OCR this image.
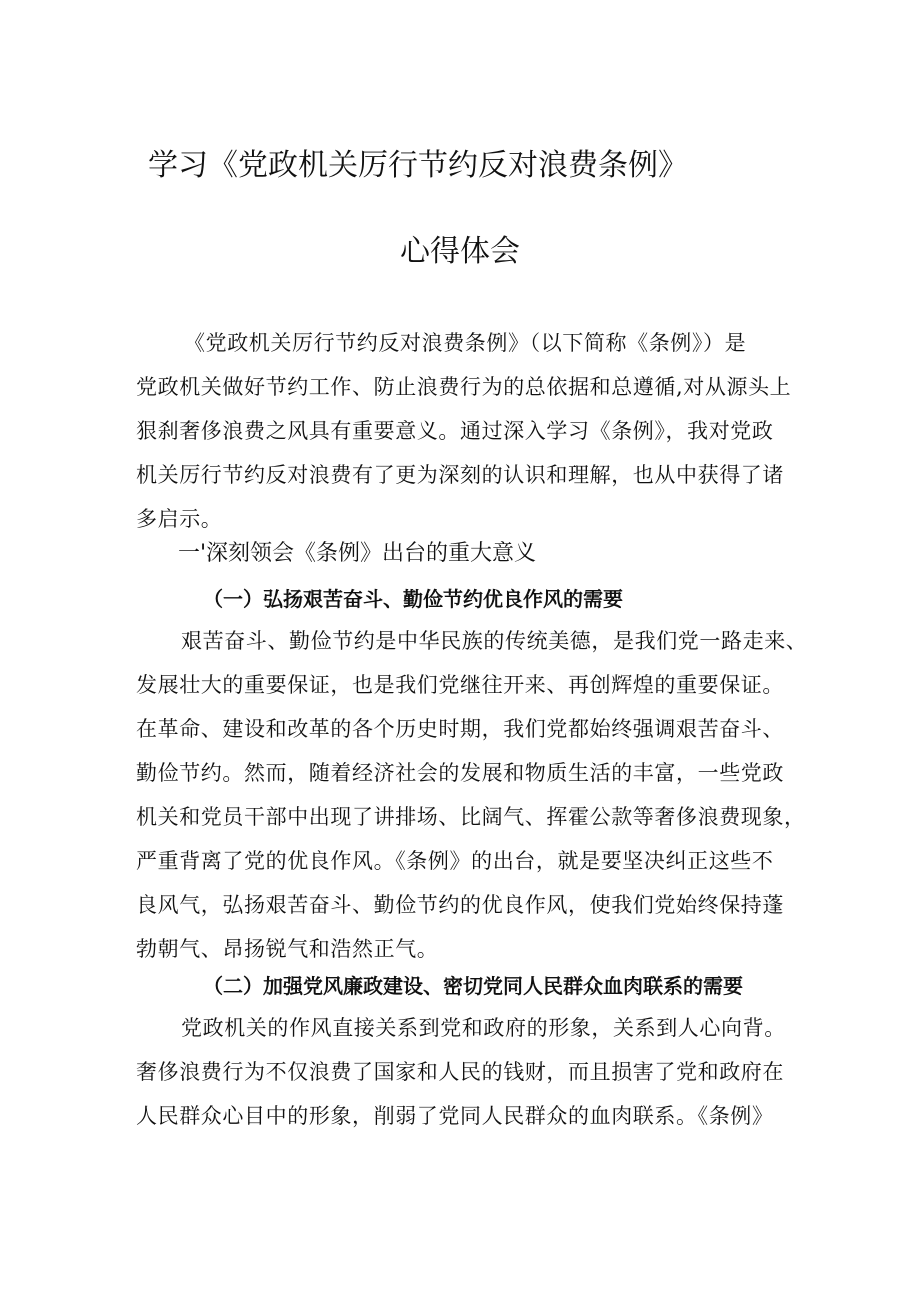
学习《党政机关厉行节约反对浪费条例》
心得体会
《党政机关厉行节约反对浪费条例》（以下简称《条例》）是
党政机关做好节约工作、防止浪费行为的总依据和总遵循,对从源头上
狠刹奢侈浪费之风具有重要意义。通过深入学习《条例》，我对党政
机关厉行节约反对浪费有了更为深刻的认识和理解，也从中获得了诸
多启示。
一'深刻领会《条例》出台的重大意义
（一）弘扬艰苦奋斗、勤俭节约优良作风的需要
艰苦奋斗、勤俭节约是中华民族的传统美德，是我们党一路走来、
发展壮大的重要保证，也是我们党继往开来、再创辉煌的重要保证。
在革命、建设和改革的各个历史时期，我们党都始终强调艰苦奋斗、
勤俭节约。然而，随着经济社会的发展和物质生活的丰富，一些党政
机关和党员干部中出现了讲排场、比阔气、挥霍公款等奢侈浪费现象，
严重背离了党的优良作风。《条例》的出台，就是要坚决纠正这些不
良风气，弘扬艰苦奋斗、勤俭节约的优良作风，使我们党始终保持蓬
勃朝气、昂扬锐气和浩然正气。
（二）加强党风廉政建设、密切党同人民群众血肉联系的需要
党政机关的作风直接关系到党和政府的形象，关系到人心向背。
奢侈浪费行为不仅浪费了国家和人民的钱财，而且损害了党和政府在
人民群众心目中的形象，削弱了党同人民群众的血肉联系。《条例》
